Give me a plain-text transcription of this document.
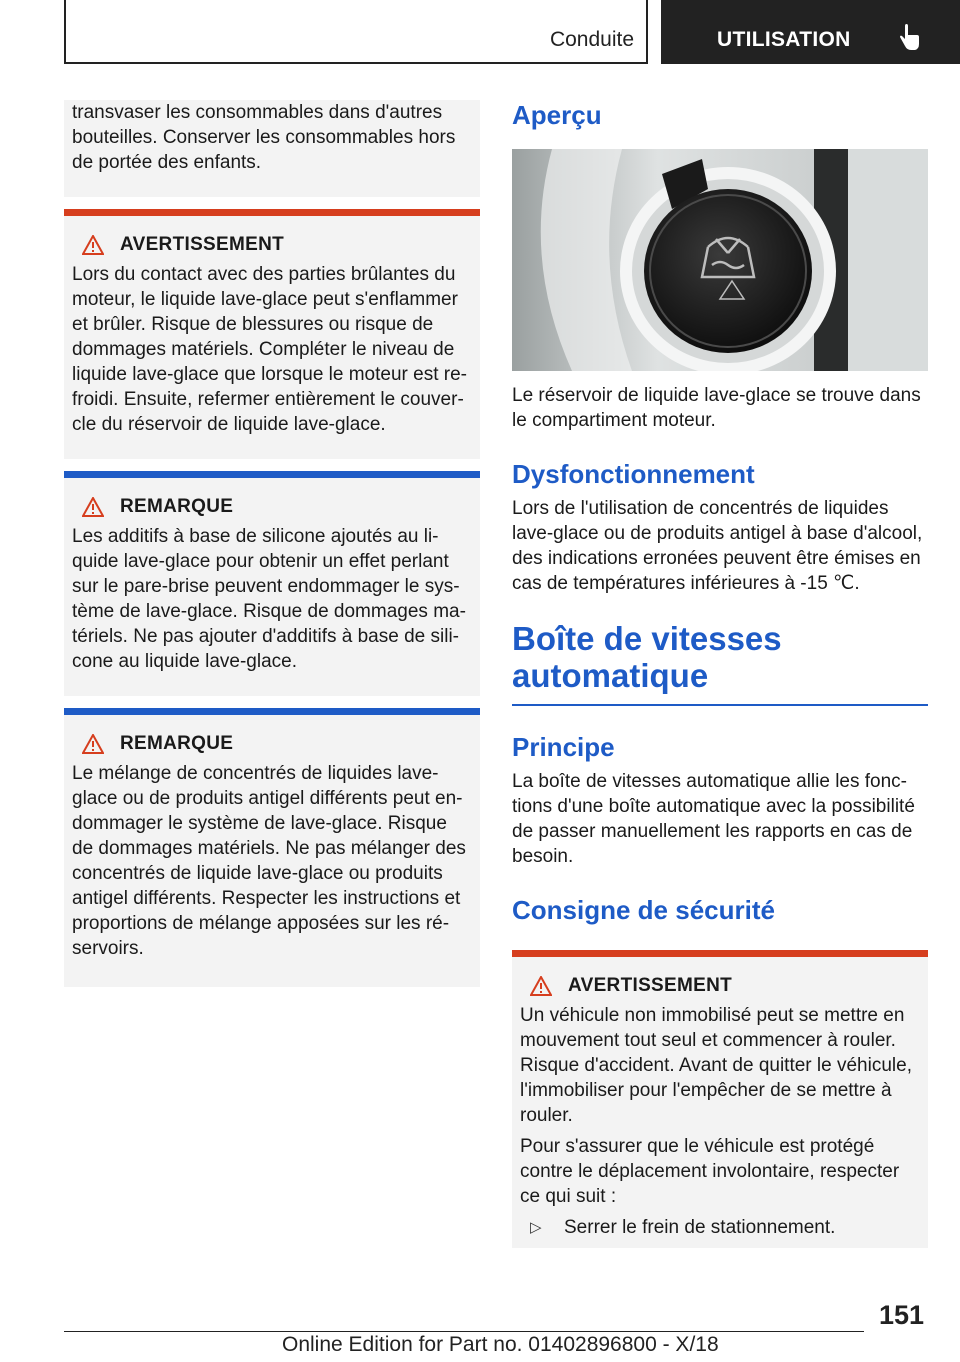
Conduite	UTILISATION

transvaser les consommables dans d'autres bouteilles. Conserver les consommables hors de portée des enfants.

AVERTISSEMENT

Lors du contact avec des parties brûlantes du moteur, le liquide lave-glace peut s'enflammer et brûler. Risque de blessures ou risque de dommages matériels. Compléter le niveau de liquide lave-glace que lorsque le moteur est re-froidi. Ensuite, refermer entièrement le couver-cle du réservoir de liquide lave-glace.

REMARQUE

Les additifs à base de silicone ajoutés au li-quide lave-glace pour obtenir un effet perlant sur le pare-brise peuvent endommager le sys-tème de lave-glace. Risque de dommages ma-tériels. Ne pas ajouter d'additifs à base de sili-cone au liquide lave-glace.

REMARQUE

Le mélange de concentrés de liquides lave-glace ou de produits antigel différents peut en-dommager le système de lave-glace. Risque de dommages matériels. Ne pas mélanger des concentrés de liquide lave-glace ou produits antigel différents. Respecter les instructions et proportions de mélange apposées sur les ré-servoirs.

Aperçu

Le réservoir de liquide lave-glace se trouve dans le compartiment moteur.

Dysfonctionnement

Lors de l'utilisation de concentrés de liquides lave-glace ou de produits antigel à base d'alcool, des indications erronées peuvent être émises en cas de températures inférieures à -15 ℃.

Boîte de vitesses
automatique
Principe

La boîte de vitesses automatique allie les fonc-tions d'une boîte automatique avec la possibilité de passer manuellement les rapports en cas de besoin.

Consigne de sécurité
AVERTISSEMENT

Un véhicule non immobilisé peut se mettre en mouvement tout seul et commencer à rouler. Risque d'accident. Avant de quitter le véhicule, l'immobiliser pour l'empêcher de se mettre à rouler.

Pour s'assurer que le véhicule est protégé contre le déplacement involontaire, respecter ce qui suit :

▷	Serrer le frein de stationnement.
151
Online Edition for Part no. 01402896800 - X/18
